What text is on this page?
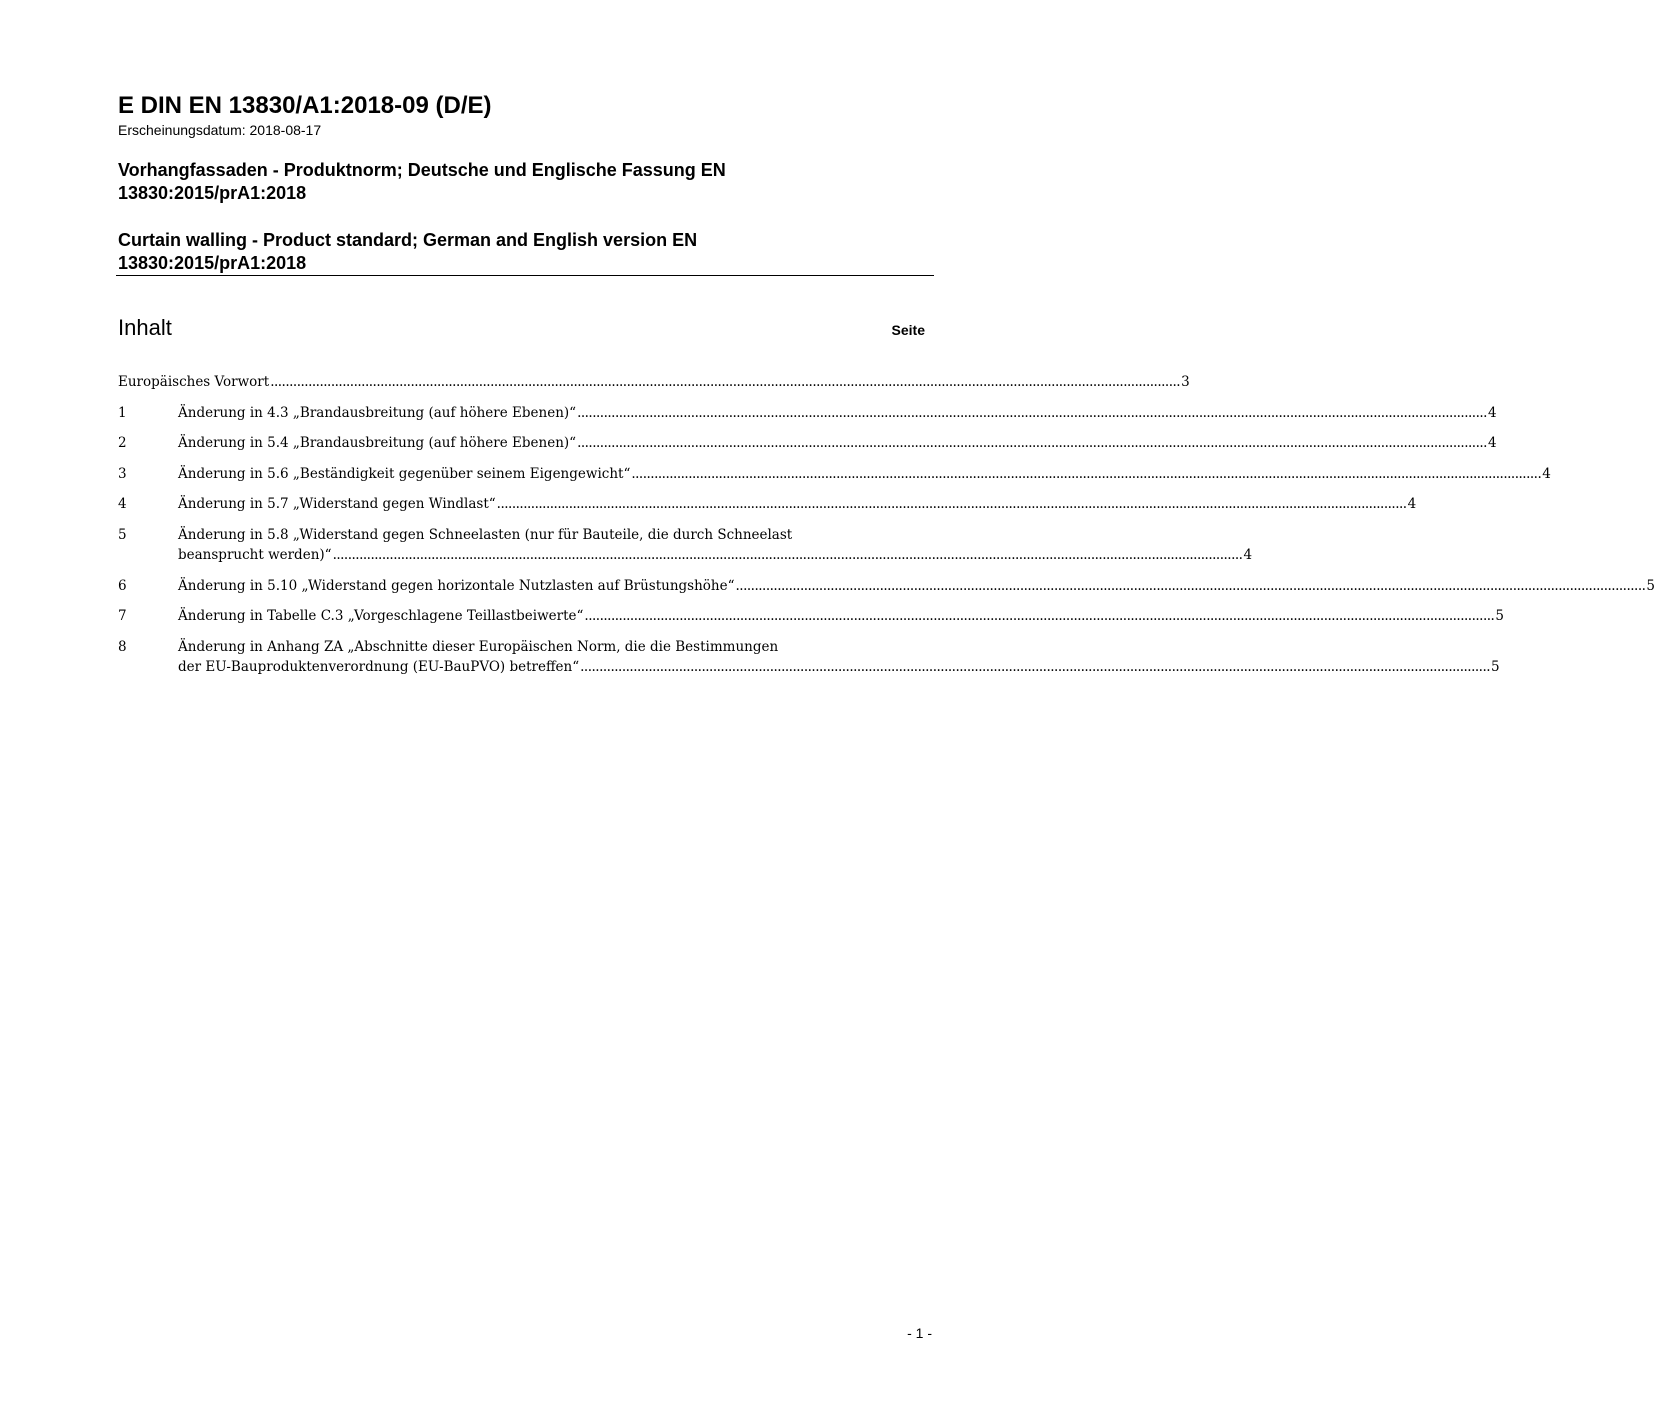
E DIN EN 13830/A1:2018-09 (D/E)
Erscheinungsdatum: 2018-08-17
Vorhangfassaden - Produktnorm; Deutsche und Englische Fassung EN
13830:2015/prA1:2018
Curtain walling - Product standard; German and English version EN
13830:2015/prA1:2018
Inhalt	Seite
Europäisches Vorwort .....	3
1	Änderung in 4.3 „Brandausbreitung (auf höhere Ebenen)“ .....	4
2	Änderung in 5.4 „Brandausbreitung (auf höhere Ebenen)“ .....	4
3	Änderung in 5.6 „Beständigkeit gegenüber seinem Eigengewicht“ .....	4
4	Änderung in 5.7 „Widerstand gegen Windlast“ .....	4
5	Änderung in 5.8 „Widerstand gegen Schneelasten (nur für Bauteile, die durch Schneelast
beansprucht werden)“ .....	4
6	Änderung in 5.10 „Widerstand gegen horizontale Nutzlasten auf Brüstungshöhe“ .....	5
7	Änderung in Tabelle C.3 „Vorgeschlagene Teillastbeiwerte“ .....	5
8	Änderung in Anhang ZA „Abschnitte dieser Europäischen Norm, die die Bestimmungen
der EU-Bauproduktenverordnung (EU-BauPVO) betreffen“ .....	5
- 1 -
